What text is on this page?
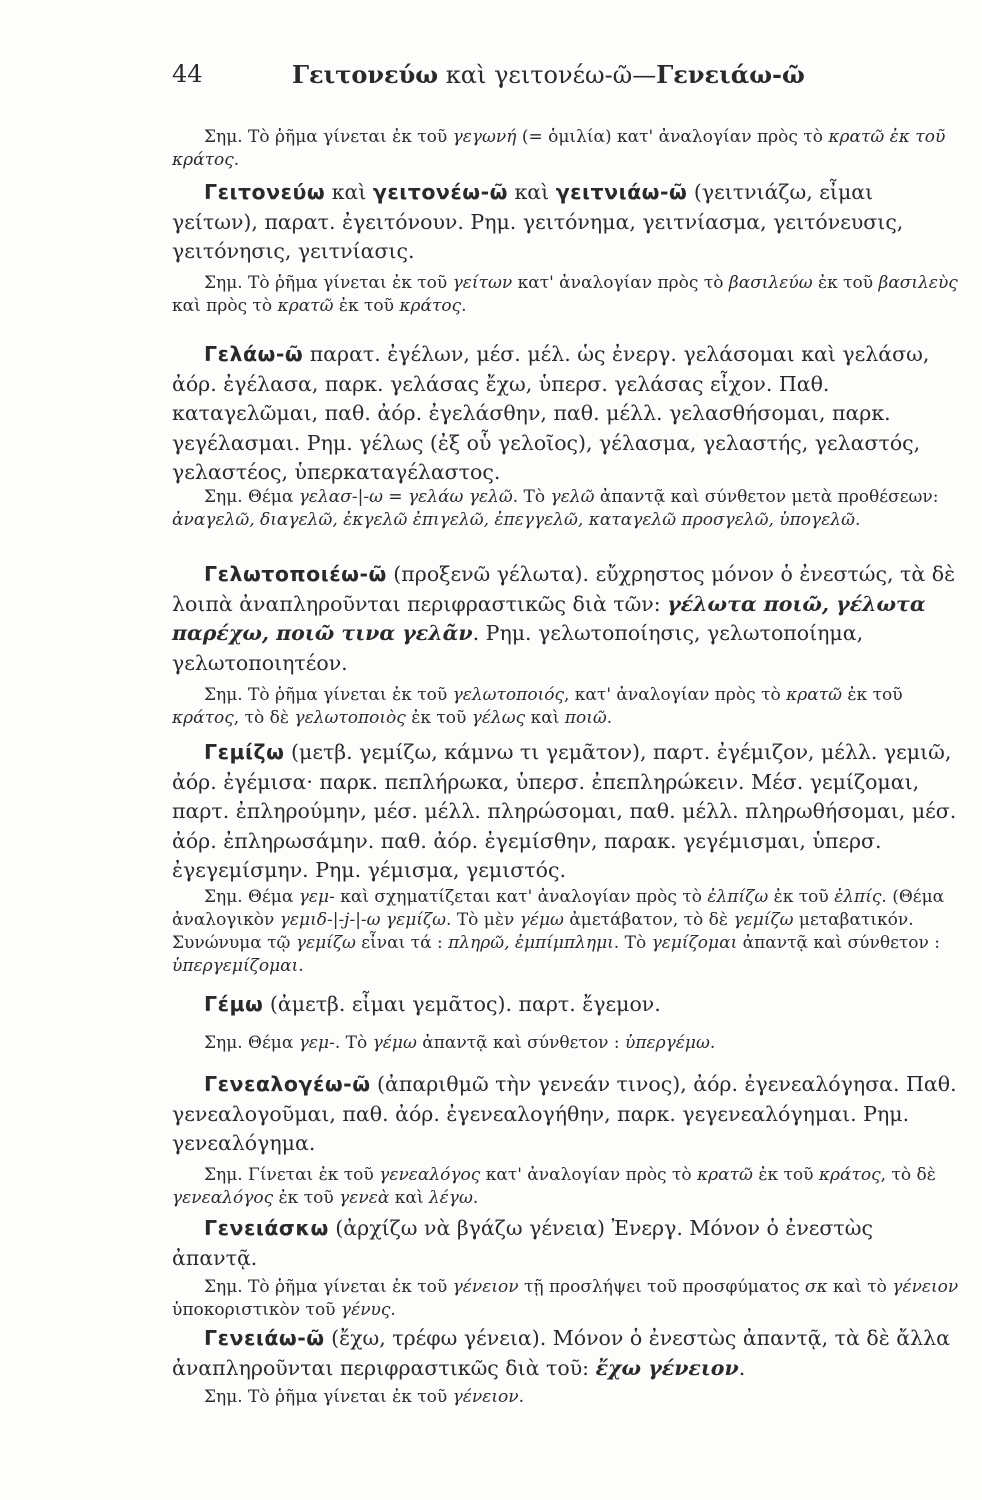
44	Γειτονεύω καὶ γειτονέω-ῶ—Γενειάω-ῶ

Σημ. Τὸ ῥῆμα γίνεται ἐκ τοῦ γεγωνή (= ὁμιλία) κατ' ἀναλογίαν πρὸς τὸ κρατῶ ἐκ τοῦ κράτος.

Γειτονεύω καὶ γειτονέω-ῶ καὶ γειτνιάω-ῶ (γειτνιάζω, εἶμαι γείτων), παρατ. ἐγειτόνουν. Ρημ. γειτόνημα, γειτνίασμα, γειτόνευσις, γειτόνησις, γειτνίασις.

Σημ. Τὸ ῥῆμα γίνεται ἐκ τοῦ γείτων κατ' ἀναλογίαν πρὸς τὸ βασιλεύω ἐκ τοῦ βασιλεὺς καὶ πρὸς τὸ κρατῶ ἐκ τοῦ κράτος.

Γελάω-ῶ παρατ. ἐγέλων, μέσ. μέλ. ὡς ἐνεργ. γελάσομαι καὶ γελάσω, ἀόρ. ἐγέλασα, παρκ. γελάσας ἔχω, ὑπερσ. γελάσας εἶχον. Παθ. καταγελῶμαι, παθ. ἀόρ. ἐγελάσθην, παθ. μέλλ. γελασθήσομαι, παρκ. γεγέλασμαι. Ρημ. γέλως (ἐξ οὗ γελοῖος), γέλασμα, γελαστής, γελαστός, γελαστέος, ὑπερκαταγέλαστος.

Σημ. Θέμα γελασ-|-ω = γελάω γελῶ. Τὸ γελῶ ἀπαντᾷ καὶ σύνθετον μετὰ προθέσεων: ἀναγελῶ, διαγελῶ, ἐκγελῶ ἐπιγελῶ, ἐπεγγελῶ, καταγελῶ προσγελῶ, ὑπογελῶ.

Γελωτοποιέω-ῶ (προξενῶ γέλωτα). εὔχρηστος μόνον ὁ ἐνεστώς, τὰ δὲ λοιπὰ ἀναπληροῦνται περιφραστικῶς διὰ τῶν: γέλωτα ποιῶ, γέλωτα παρέχω, ποιῶ τινα γελᾶν. Ρημ. γελωτοποίησις, γελωτοποίημα, γελωτοποιητέον.

Σημ. Τὸ ῥῆμα γίνεται ἐκ τοῦ γελωτοποιός, κατ' ἀναλογίαν πρὸς τὸ κρατῶ ἐκ τοῦ κράτος, τὸ δὲ γελωτοποιὸς ἐκ τοῦ γέλως καὶ ποιῶ.

Γεμίζω (μετβ. γεμίζω, κάμνω τι γεμᾶτον), παρτ. ἐγέμιζον, μέλλ. γεμιῶ, ἀόρ. ἐγέμισα· παρκ. πεπλήρωκα, ὑπερσ. ἐπεπληρώκειν. Μέσ. γεμίζομαι, παρτ. ἐπληρούμην, μέσ. μέλλ. πληρώσομαι, παθ. μέλλ. πληρωθήσομαι, μέσ. ἀόρ. ἐπληρωσάμην. παθ. ἀόρ. ἐγεμίσθην, παρακ. γεγέμισμαι, ὑπερσ. ἐγεγεμίσμην. Ρημ. γέμισμα, γεμιστός.

Σημ. Θέμα γεμ- καὶ σχηματίζεται κατ' ἀναλογίαν πρὸς τὸ ἐλπίζω ἐκ τοῦ ἐλπίς. (Θέμα ἀναλογικὸν γεμιδ-|-j-|-ω γεμίζω. Τὸ μὲν γέμω ἀμετάβατον, τὸ δὲ γεμίζω μεταβατικόν. Συνώνυμα τῷ γεμίζω εἶναι τά : πληρῶ, ἐμπίμπλημι. Τὸ γεμίζομαι ἀπαντᾷ καὶ σύνθετον : ὑπεργεμίζομαι.

Γέμω (ἀμετβ. εἶμαι γεμᾶτος). παρτ. ἔγεμον.

Σημ. Θέμα γεμ-. Τὸ γέμω ἀπαντᾷ καὶ σύνθετον : ὑπεργέμω.

Γενεαλογέω-ῶ (ἀπαριθμῶ τὴν γενεάν τινος), ἀόρ. ἐγενεαλόγησα. Παθ. γενεαλογοῦμαι, παθ. ἀόρ. ἐγενεαλογήθην, παρκ. γεγενεαλόγημαι. Ρημ. γενεαλόγημα.

Σημ. Γίνεται ἐκ τοῦ γενεαλόγος κατ' ἀναλογίαν πρὸς τὸ κρατῶ ἐκ τοῦ κράτος, τὸ δὲ γενεαλόγος ἐκ τοῦ γενεὰ καὶ λέγω.

Γενειάσκω (ἀρχίζω νὰ βγάζω γένεια) Ἐνεργ. Μόνον ὁ ἐνεστὼς ἀπαντᾷ.

Σημ. Τὸ ῥῆμα γίνεται ἐκ τοῦ γένειον τῇ προσλήψει τοῦ προσφύματος σκ καὶ τὸ γένειον ὑποκοριστικὸν τοῦ γένυς.

Γενειάω-ῶ (ἔχω, τρέφω γένεια). Μόνον ὁ ἐνεστὼς ἀπαντᾷ, τὰ δὲ ἄλλα ἀναπληροῦνται περιφραστικῶς διὰ τοῦ: ἔχω γένειον.

Σημ. Τὸ ῥῆμα γίνεται ἐκ τοῦ γένειον.
